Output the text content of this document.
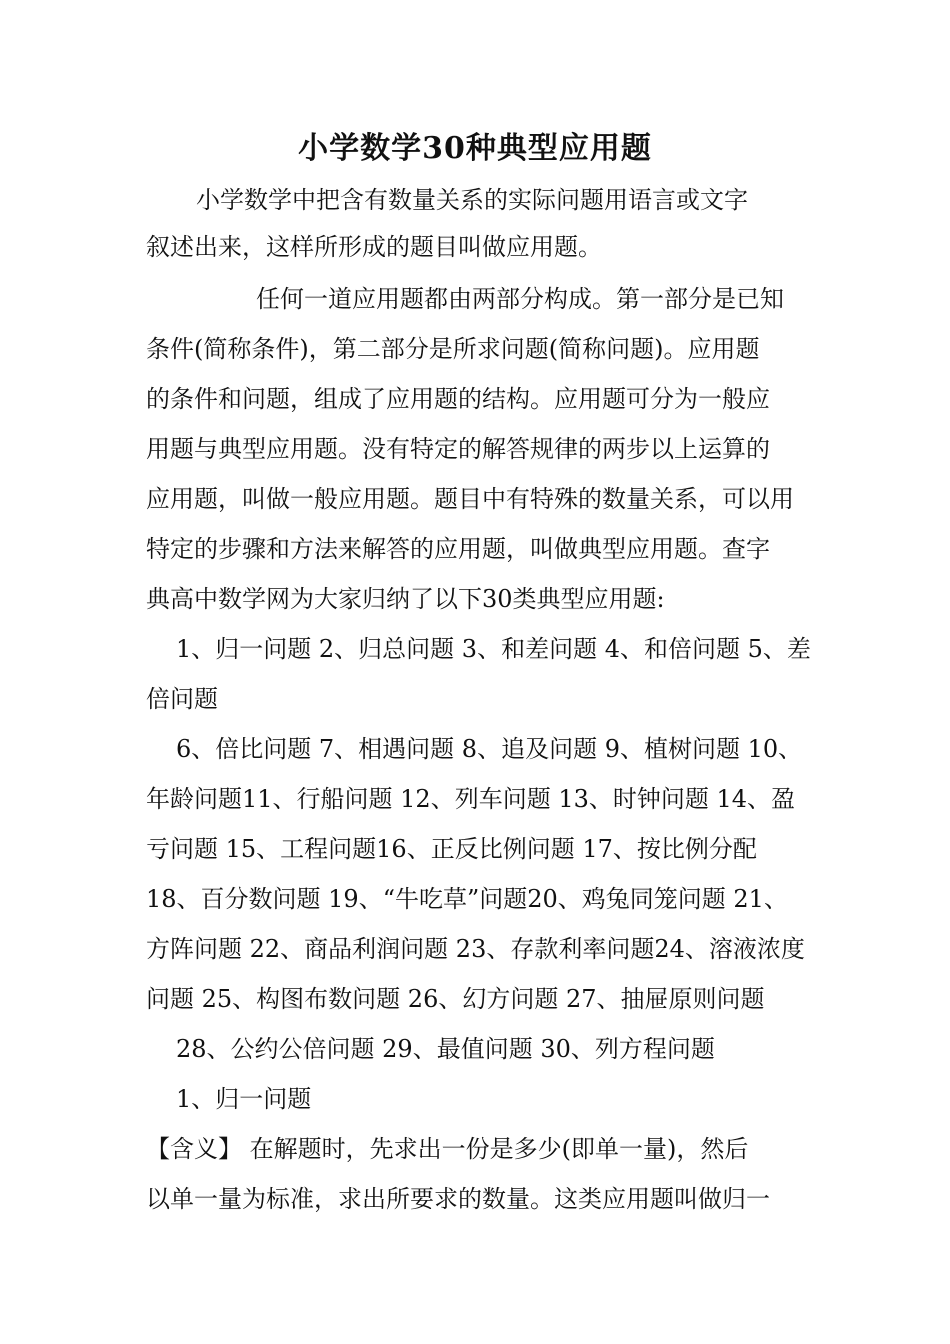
小学数学30种典型应用题
小学数学中把含有数量关系的实际问题用语言或文字
叙述出来，这样所形成的题目叫做应用题。
任何一道应用题都由两部分构成。第一部分是已知
条件(简称条件)，第二部分是所求问题(简称问题)。应用题
的条件和问题，组成了应用题的结构。应用题可分为一般应
用题与典型应用题。没有特定的解答规律的两步以上运算的
应用题，叫做一般应用题。题目中有特殊的数量关系，可以用
特定的步骤和方法来解答的应用题，叫做典型应用题。查字
典高中数学网为大家归纳了以下30类典型应用题:
1、归一问题 2、归总问题 3、和差问题 4、和倍问题 5、差
倍问题
6、倍比问题 7、相遇问题 8、追及问题 9、植树问题 10、
年龄问题11、行船问题 12、列车问题 13、时钟问题 14、盈
亏问题 15、工程问题16、正反比例问题 17、按比例分配
18、百分数问题 19、“牛吃草”问题20、鸡兔同笼问题 21、
方阵问题 22、商品利润问题 23、存款利率问题24、溶液浓度
问题 25、构图布数问题 26、幻方问题 27、抽屉原则问题
28、公约公倍问题 29、最值问题 30、列方程问题
1、归一问题
【含义】 在解题时，先求出一份是多少(即单一量)，然后
以单一量为标准，求出所要求的数量。这类应用题叫做归一
